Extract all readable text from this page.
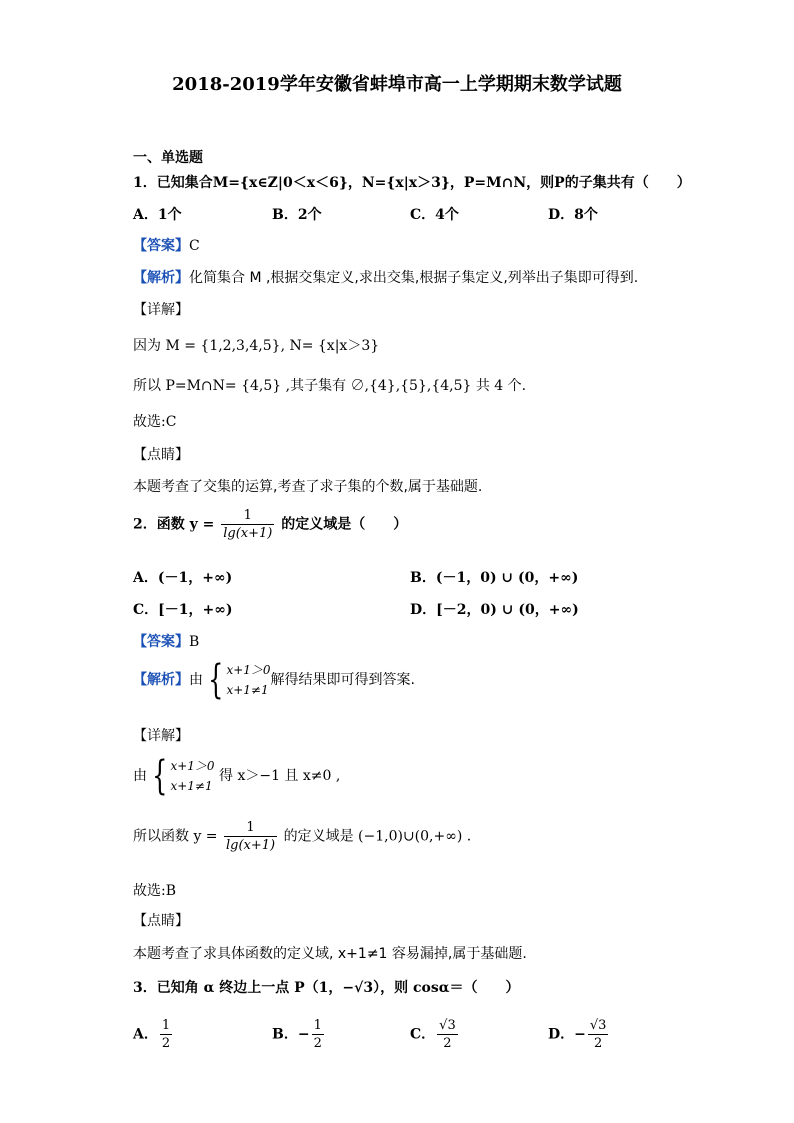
2018-2019学年安徽省蚌埠市高一上学期期末数学试题
一、单选题
1．已知集合M={x∈Z|0＜x＜6}，N={x|x＞3}，P=M∩N，则P的子集共有（　　）
A．1个	B．2个	C．4个	D．8个
【答案】C
【解析】化简集合 M ,根据交集定义,求出交集,根据子集定义,列举出子集即可得到.
【详解】
因为 M = {1,2,3,4,5}, N= {x|x＞3}
所以 P=M∩N= {4,5} ,其子集有 ∅,{4},{5},{4,5} 共 4 个.
故选:C
【点睛】
本题考查了交集的运算,考查了求子集的个数,属于基础题.
2．函数 $y = \frac{1}{\lg(x+1)}$ 的定义域是（　　）
A．(－1，+∞)	B．(－1，0) ∪ (0，+∞)
C．[－1，+∞)	D．[－2，0) ∪ (0，+∞)
【答案】B
【解析】由 { x+1＞0
x+1≠1
解得结果即可得到答案.
【详解】
由 { x+1＞0
x+1≠1
得 x＞−1 且 x≠0 ,
所以函数 $y = \frac{1}{\lg(x+1)}$ 的定义域是 (−1,0)∪(0,+∞) .
故选:B
【点睛】
本题考查了求具体函数的定义域, x+1≠1 容易漏掉,属于基础题.
3．已知角 α 终边上一点 P（1，−√3），则 cosα＝（　　）
A． $\frac{1}{2}$	B．− $\frac{1}{2}$	C． $\frac{√3}{2}$	D．− $\frac{√3}{2}$
